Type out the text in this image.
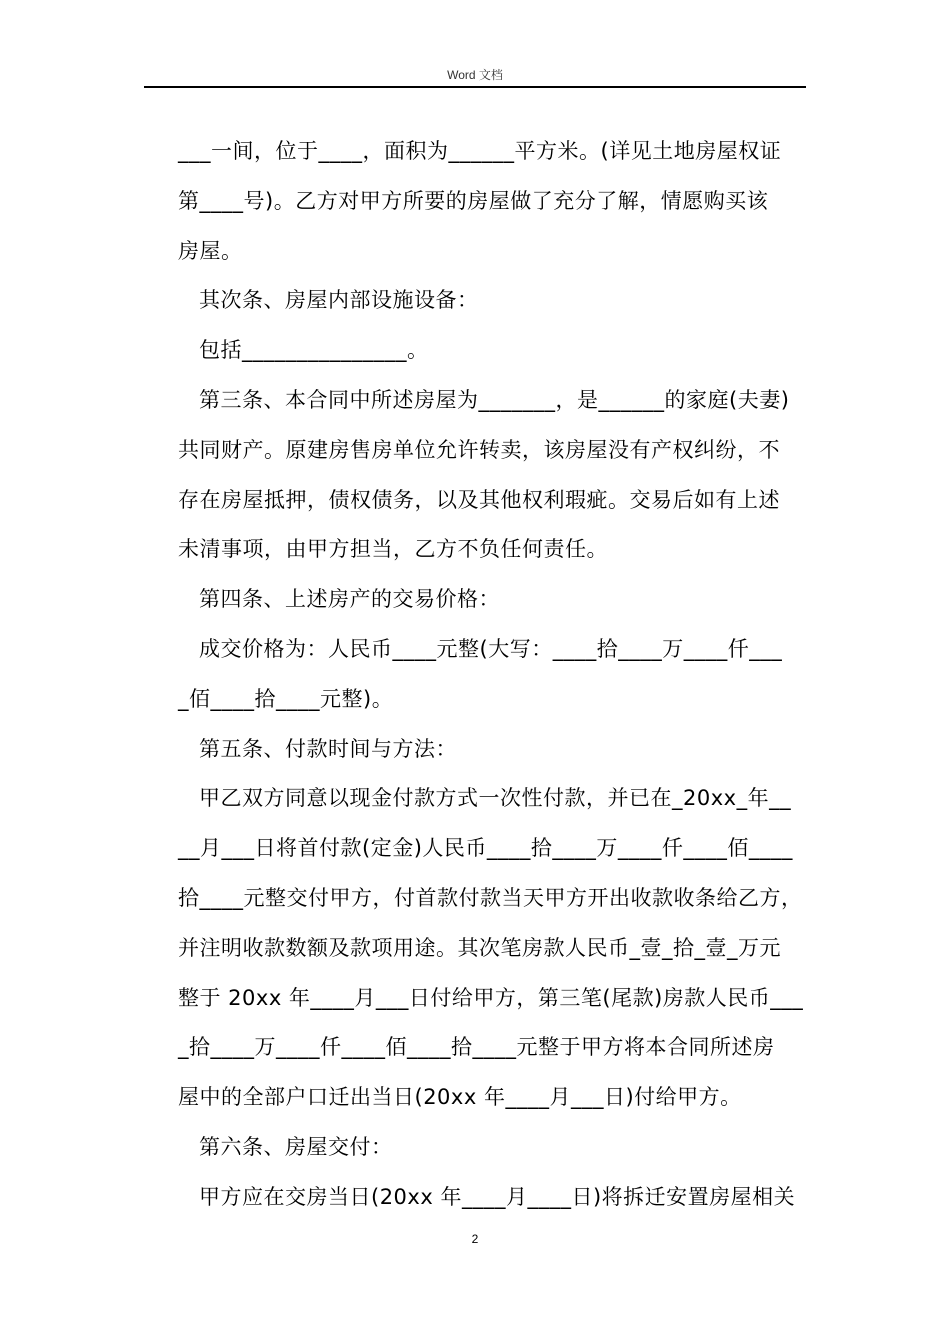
Word 文档
___一间，位于____，面积为______平方米。(详见土地房屋权证
第____号)。乙方对甲方所要的房屋做了充分了解，情愿购买该
房屋。
其次条、房屋内部设施设备：
包括_______________。
第三条、本合同中所述房屋为_______，是______的家庭(夫妻)
共同财产。原建房售房单位允许转卖，该房屋没有产权纠纷，不
存在房屋抵押，债权债务，以及其他权利瑕疵。交易后如有上述
未清事项，由甲方担当，乙方不负任何责任。
第四条、上述房产的交易价格：
成交价格为：人民币____元整(大写：____拾____万____仟___
_佰____拾____元整)。
第五条、付款时间与方法：
甲乙双方同意以现金付款方式一次性付款，并已在_20xx_年__
__月___日将首付款(定金)人民币____拾____万____仟____佰____
拾____元整交付甲方，付首款付款当天甲方开出收款收条给乙方，
并注明收款数额及款项用途。其次笔房款人民币_壹_拾_壹_万元
整于 20xx 年____月___日付给甲方，第三笔(尾款)房款人民币___
_拾____万____仟____佰____拾____元整于甲方将本合同所述房
屋中的全部户口迁出当日(20xx 年____月___日)付给甲方。
第六条、房屋交付：
甲方应在交房当日(20xx 年____月____日)将拆迁安置房屋相关
2
